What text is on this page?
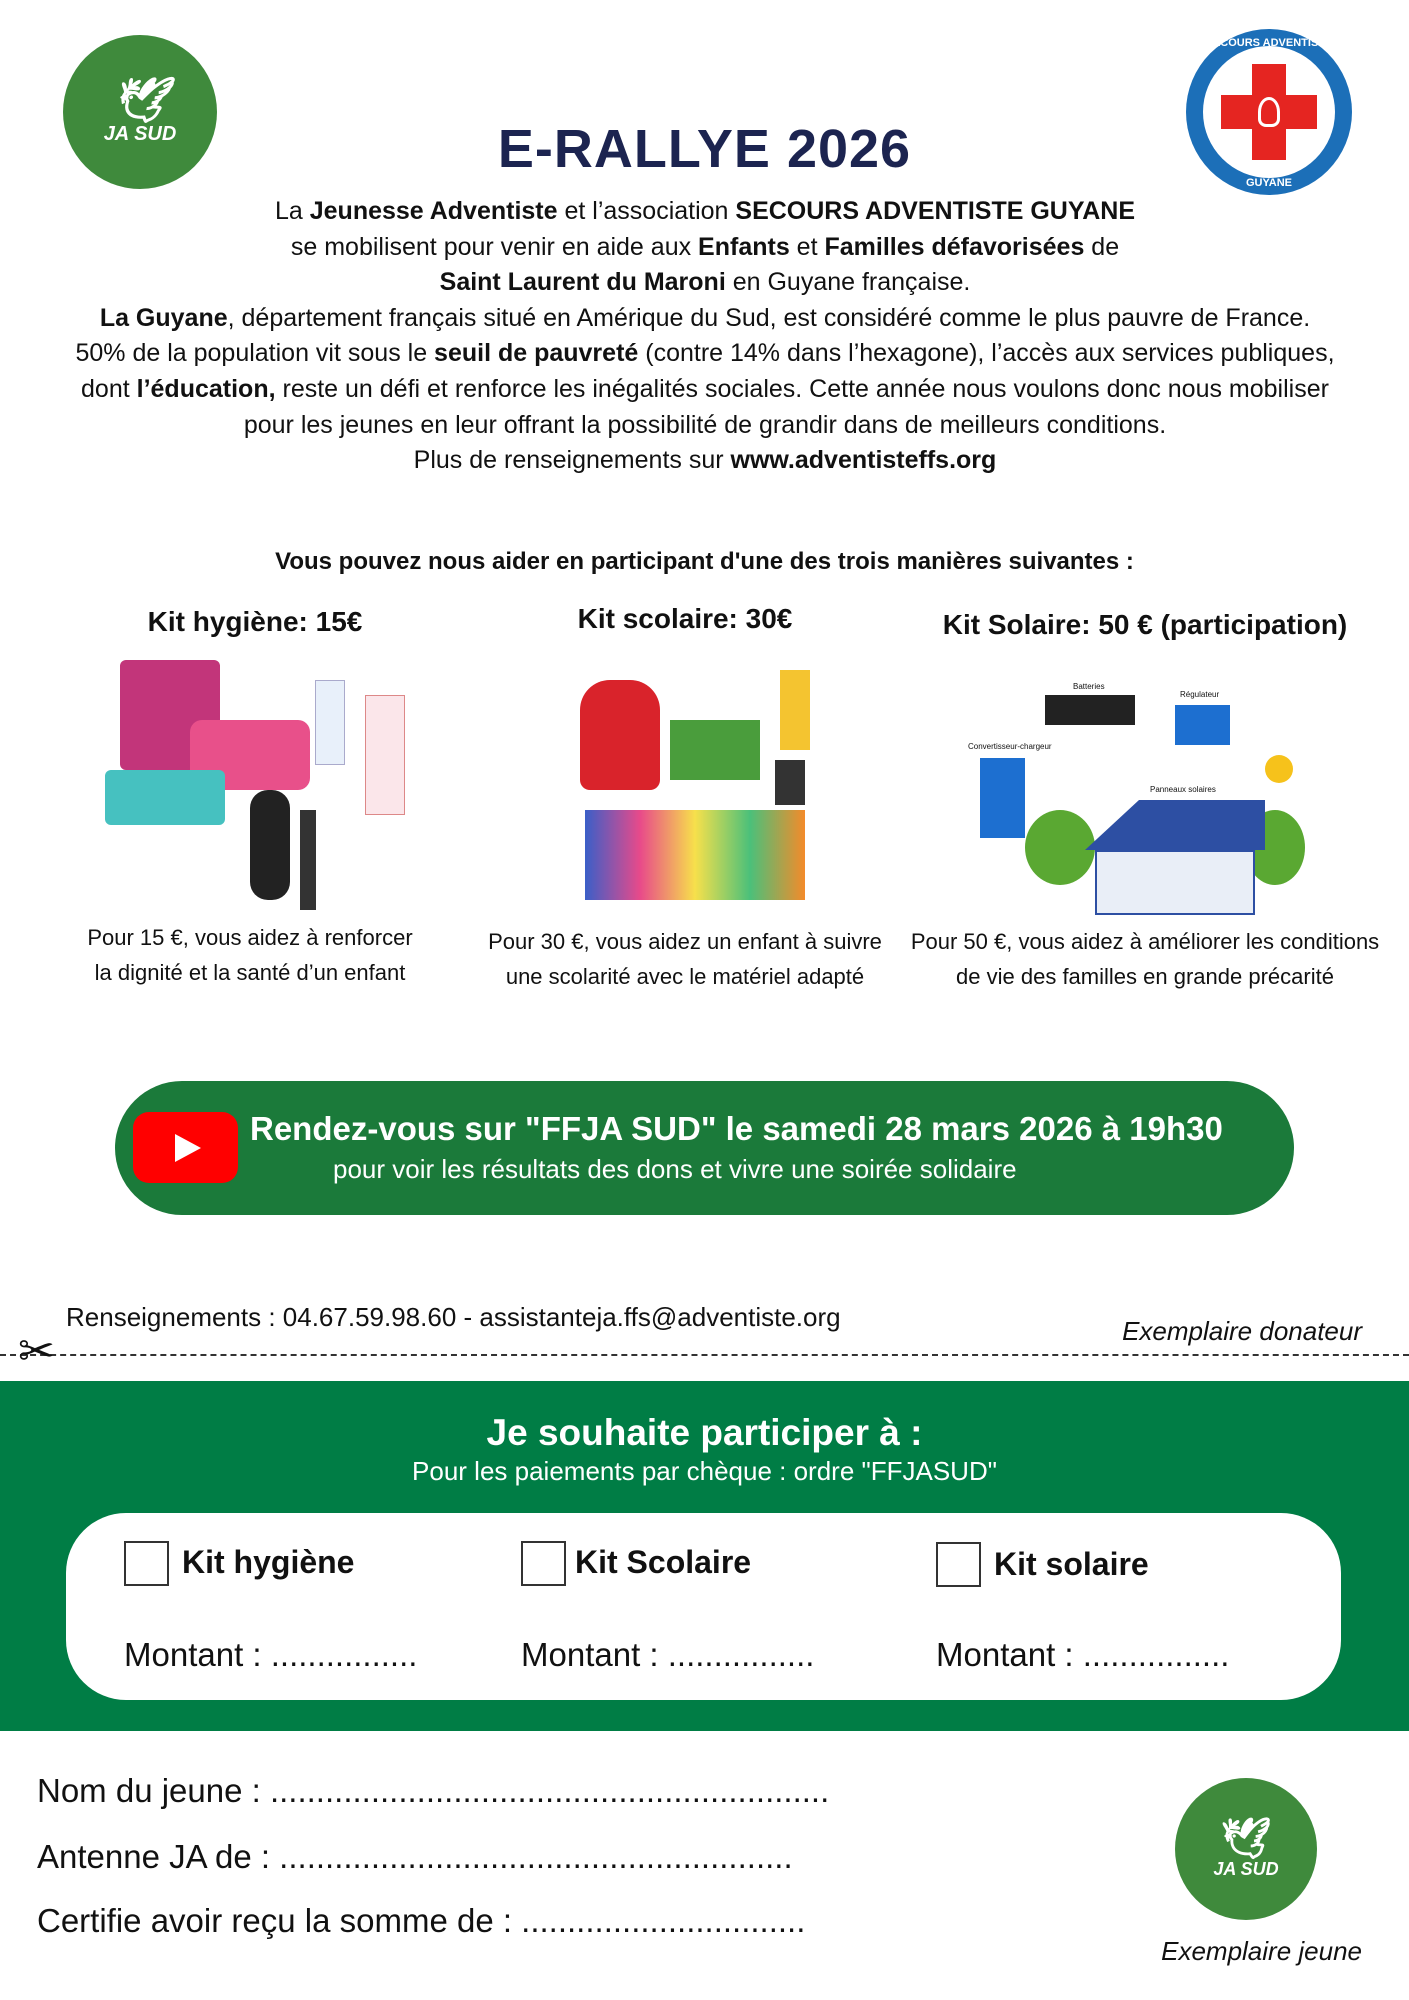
🕊
JA SUD
SECOURS ADVENTISTE
GUYANE
E-RALLYE 2026
La Jeunesse Adventiste et l’association SECOURS ADVENTISTE GUYANE
se mobilisent pour venir en aide aux Enfants et Familles défavorisées de
Saint Laurent du Maroni en Guyane française.
La Guyane, département français situé en Amérique du Sud, est considéré comme le plus pauvre de France. 50% de la population vit sous le seuil de pauvreté (contre 14% dans l’hexagone), l’accès aux services publiques, dont l’éducation, reste un défi et renforce les inégalités sociales. Cette année nous voulons donc nous mobiliser pour les jeunes en leur offrant la possibilité de grandir dans de meilleurs conditions.
Plus de renseignements sur www.adventisteffs.org
Vous pouvez nous aider en participant d'une des trois manières suivantes :
Kit hygiène: 15€	Kit scolaire: 30€	Kit Solaire: 50 € (participation)
Batteries
Régulateur
Convertisseur-chargeur
Panneaux solaires
Pour 15 €, vous aidez à renforcer la dignité et la santé d’un enfant
Pour 30 €, vous aidez un enfant à suivre une scolarité avec le matériel adapté
Pour 50 €, vous aidez à améliorer les conditions de vie des familles en grande précarité
Rendez-vous sur "FFJA SUD" le samedi 28 mars 2026 à 19h30
pour voir les résultats des dons et vivre une soirée solidaire
Renseignements : 04.67.59.98.60 - assistanteja.ffs@adventiste.org	Exemplaire donateur
✂
Je souhaite participer à :
Pour les paiements par chèque : ordre "FFJASUD"
Kit hygiène
Montant : ................
Kit Scolaire
Montant : ................
Kit solaire
Montant : ................
Nom du jeune : .............................................................
Antenne JA de : ........................................................
Certifie avoir reçu la somme de : ...............................
🕊
JA SUD
Exemplaire jeune
